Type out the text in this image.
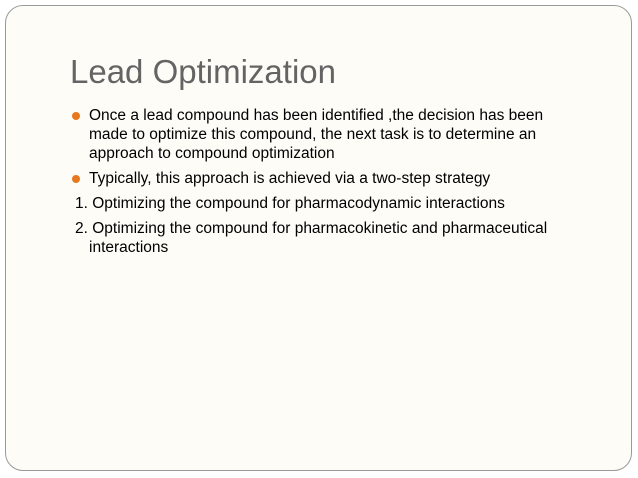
Lead Optimization
Once a lead compound has been identified ,the decision has been made to optimize this compound, the next task is to determine an approach to compound optimization
Typically, this approach is achieved via a two-step strategy
1. Optimizing the compound for pharmacodynamic interactions
2. Optimizing the compound for pharmacokinetic and pharmaceutical interactions
